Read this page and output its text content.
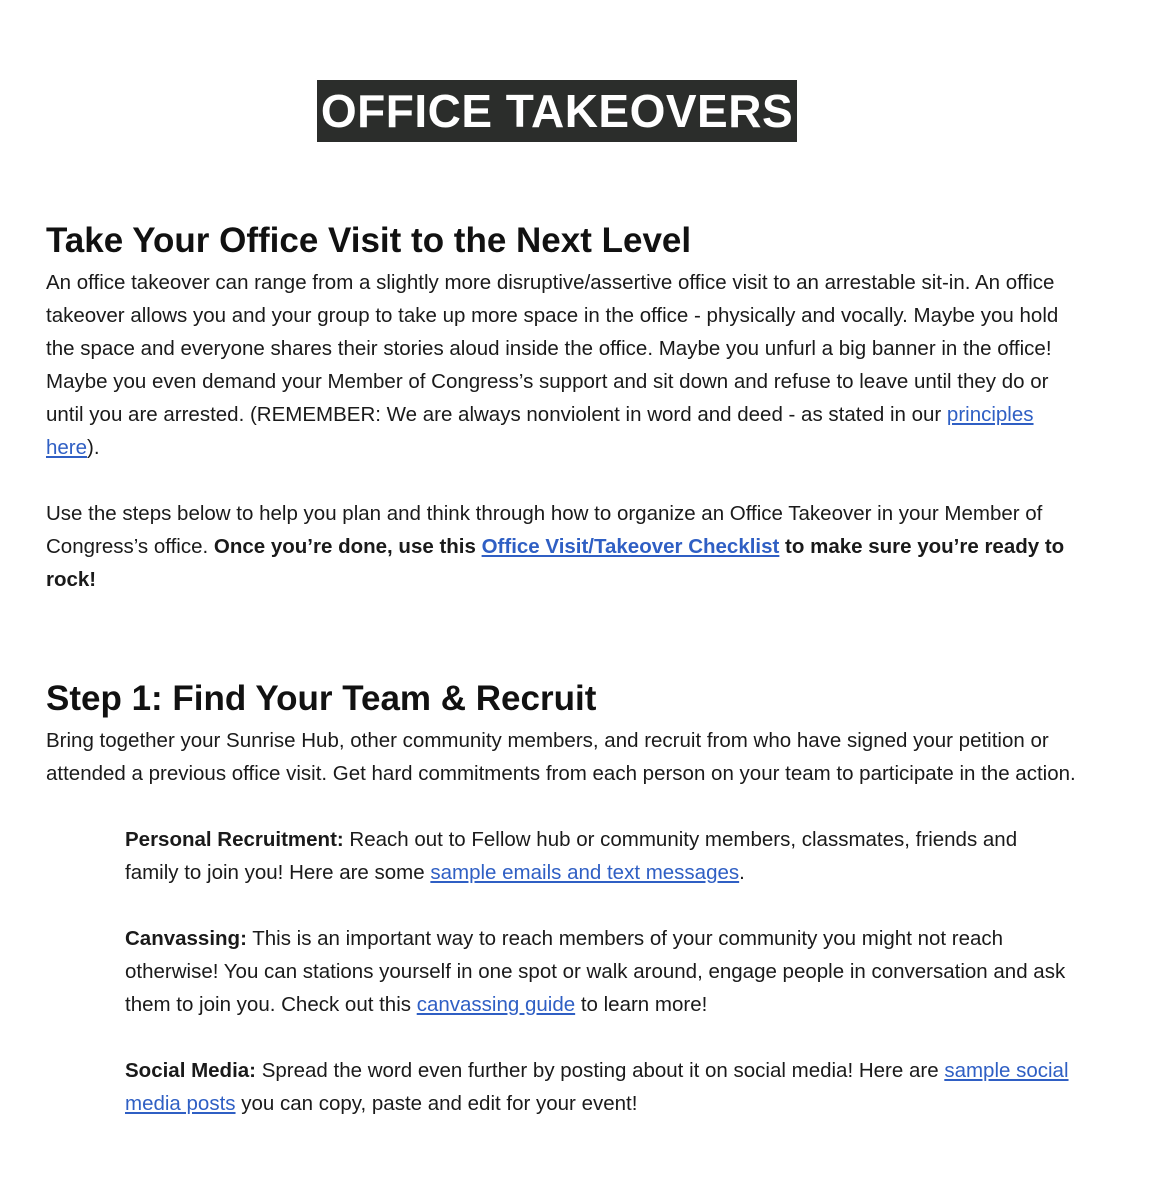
OFFICE TAKEOVERS
Take Your Office Visit to the Next Level

An office takeover can range from a slightly more disruptive/assertive office visit to an arrestable sit-in. An office takeover allows you and your group to take up more space in the office - physically and vocally. Maybe you hold the space and everyone shares their stories aloud inside the office. Maybe you unfurl a big banner in the office! Maybe you even demand your Member of Congress’s support and sit down and refuse to leave until they do or until you are arrested. (REMEMBER: We are always nonviolent in word and deed - as stated in our principles here).

Use the steps below to help you plan and think through how to organize an Office Takeover in your Member of Congress’s office. Once you’re done, use this Office Visit/Takeover Checklist to make sure you’re ready to rock!

Step 1: Find Your Team & Recruit

Bring together your Sunrise Hub, other community members, and recruit from who have signed your petition or attended a previous office visit. Get hard commitments from each person on your team to participate in the action.

Personal Recruitment: Reach out to Fellow hub or community members, classmates, friends and family to join you! Here are some sample emails and text messages.

Canvassing: This is an important way to reach members of your community you might not reach otherwise! You can stations yourself in one spot or walk around, engage people in conversation and ask them to join you. Check out this canvassing guide to learn more!

Social Media: Spread the word even further by posting about it on social media! Here are sample social media posts you can copy, paste and edit for your event!
